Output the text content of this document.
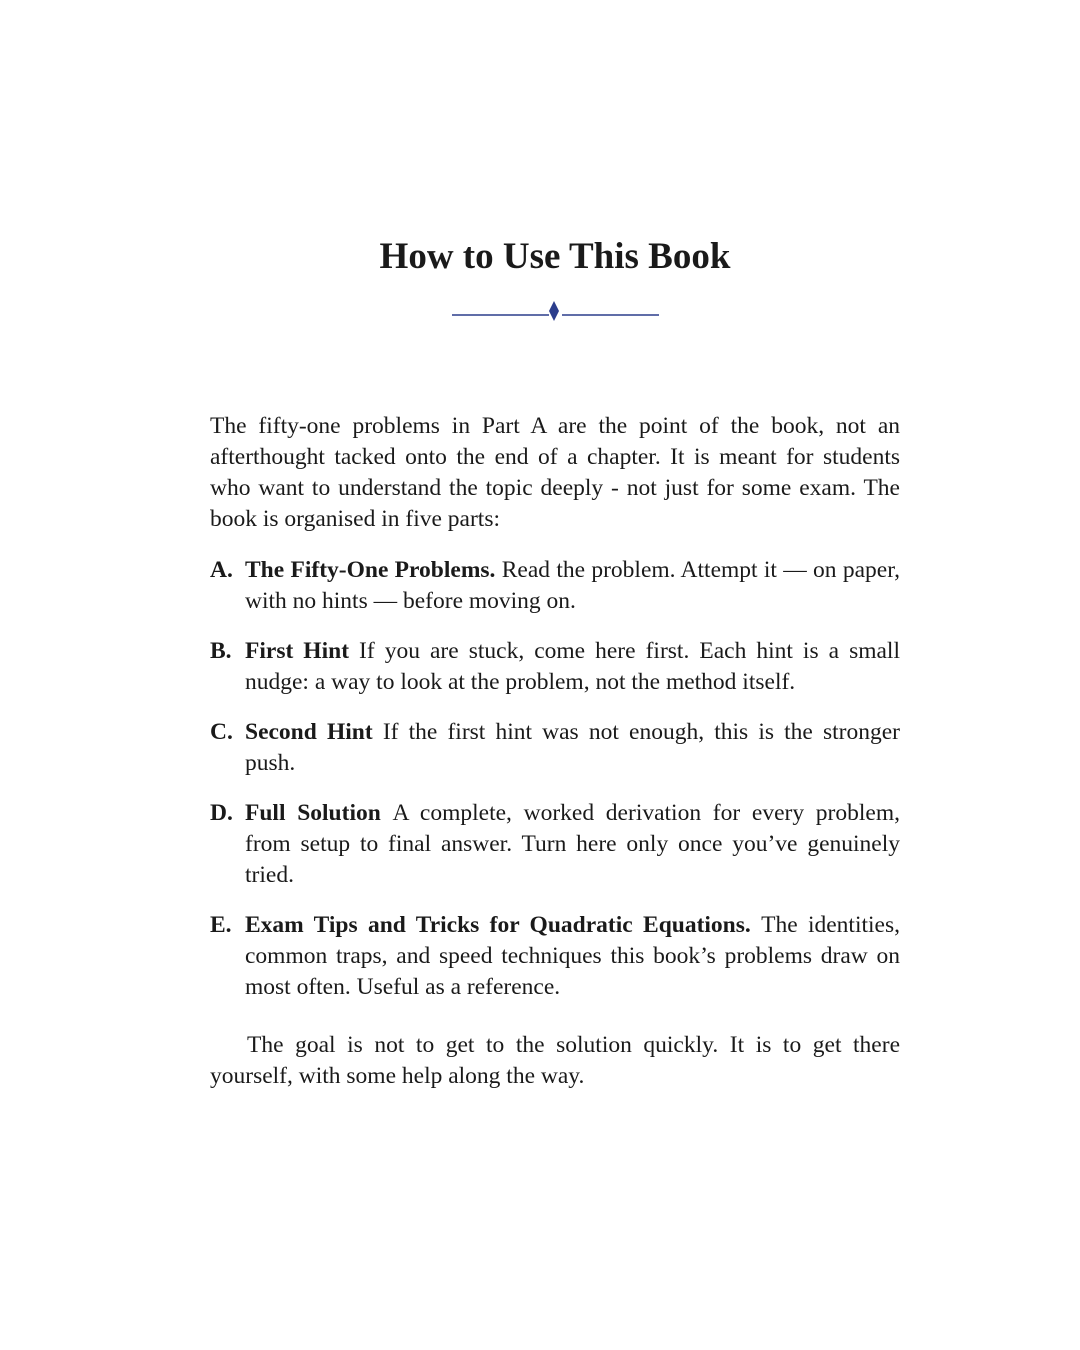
How to Use This Book

The fifty-one problems in Part A are the point of the book, not an afterthought tacked onto the end of a chapter. It is meant for students who want to understand the topic deeply - not just for some exam. The book is organised in five parts:

A. The Fifty-One Problems. Read the problem. Attempt it — on paper, with no hints — before moving on.
B. First Hint If you are stuck, come here first. Each hint is a small nudge: a way to look at the problem, not the method itself.
C. Second Hint If the first hint was not enough, this is the stronger push.
D. Full Solution A complete, worked derivation for every problem, from setup to final answer. Turn here only once you’ve genuinely tried.
E. Exam Tips and Tricks for Quadratic Equations. The identities, common traps, and speed techniques this book’s problems draw on most often. Useful as a reference.

The goal is not to get to the solution quickly. It is to get there yourself, with some help along the way.
